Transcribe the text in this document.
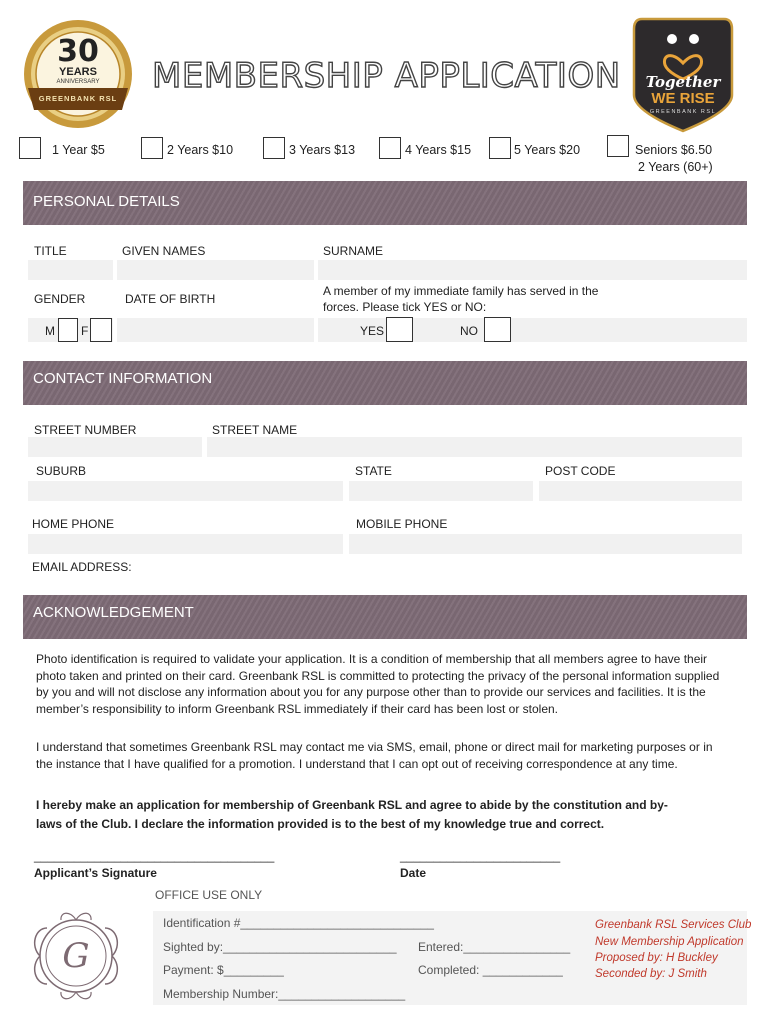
30
YEARS
ANNIVERSARY
GREENBANK RSL
MEMBERSHIP APPLICATION	Together
WE RISE
GREENBANK RSL
1 Year $5	2 Years $10	3 Years $13	4 Years $15	5 Years $20	Seniors $6.50
2 Years (60+)
PERSONAL DETAILS
TITLE	GIVEN NAMES	SURNAME
GENDER	DATE OF BIRTH
A member of my immediate family has served in the
forces. Please tick YES or NO:
M F	YES	NO
CONTACT INFORMATION
STREET NUMBER	STREET NAME
SUBURB	STATE	POST CODE
HOME PHONE	MOBILE PHONE
EMAIL ADDRESS:
ACKNOWLEDGEMENT
Photo identification is required to validate your application. It is a condition of membership that all members agree to have their photo taken and printed on their card. Greenbank RSL is committed to protecting the privacy of the personal information supplied by you and will not disclose any information about you for any purpose other than to provide our services and facilities. It is the member’s responsibility to inform Greenbank RSL immediately if their card has been lost or stolen.
I understand that sometimes Greenbank RSL may contact me via SMS, email, phone or direct mail for marketing purposes or in the instance that I have qualified for a promotion. I understand that I can opt out of receiving correspondence at any time.
I hereby make an application for membership of Greenbank RSL and agree to abide by the constitution and by-laws of the Club. I declare the information provided is to the best of my knowledge true and correct.
____________________________________
Applicant’s Signature
________________________
Date
OFFICE USE ONLY
G
Identification #_____________________________
Sighted by:__________________________ Entered:________________
Payment: $_________	Completed: ____________
Membership Number:___________________
Greenbank RSL Services Club
New Membership Application
Proposed by: H Buckley
Seconded by: J Smith
